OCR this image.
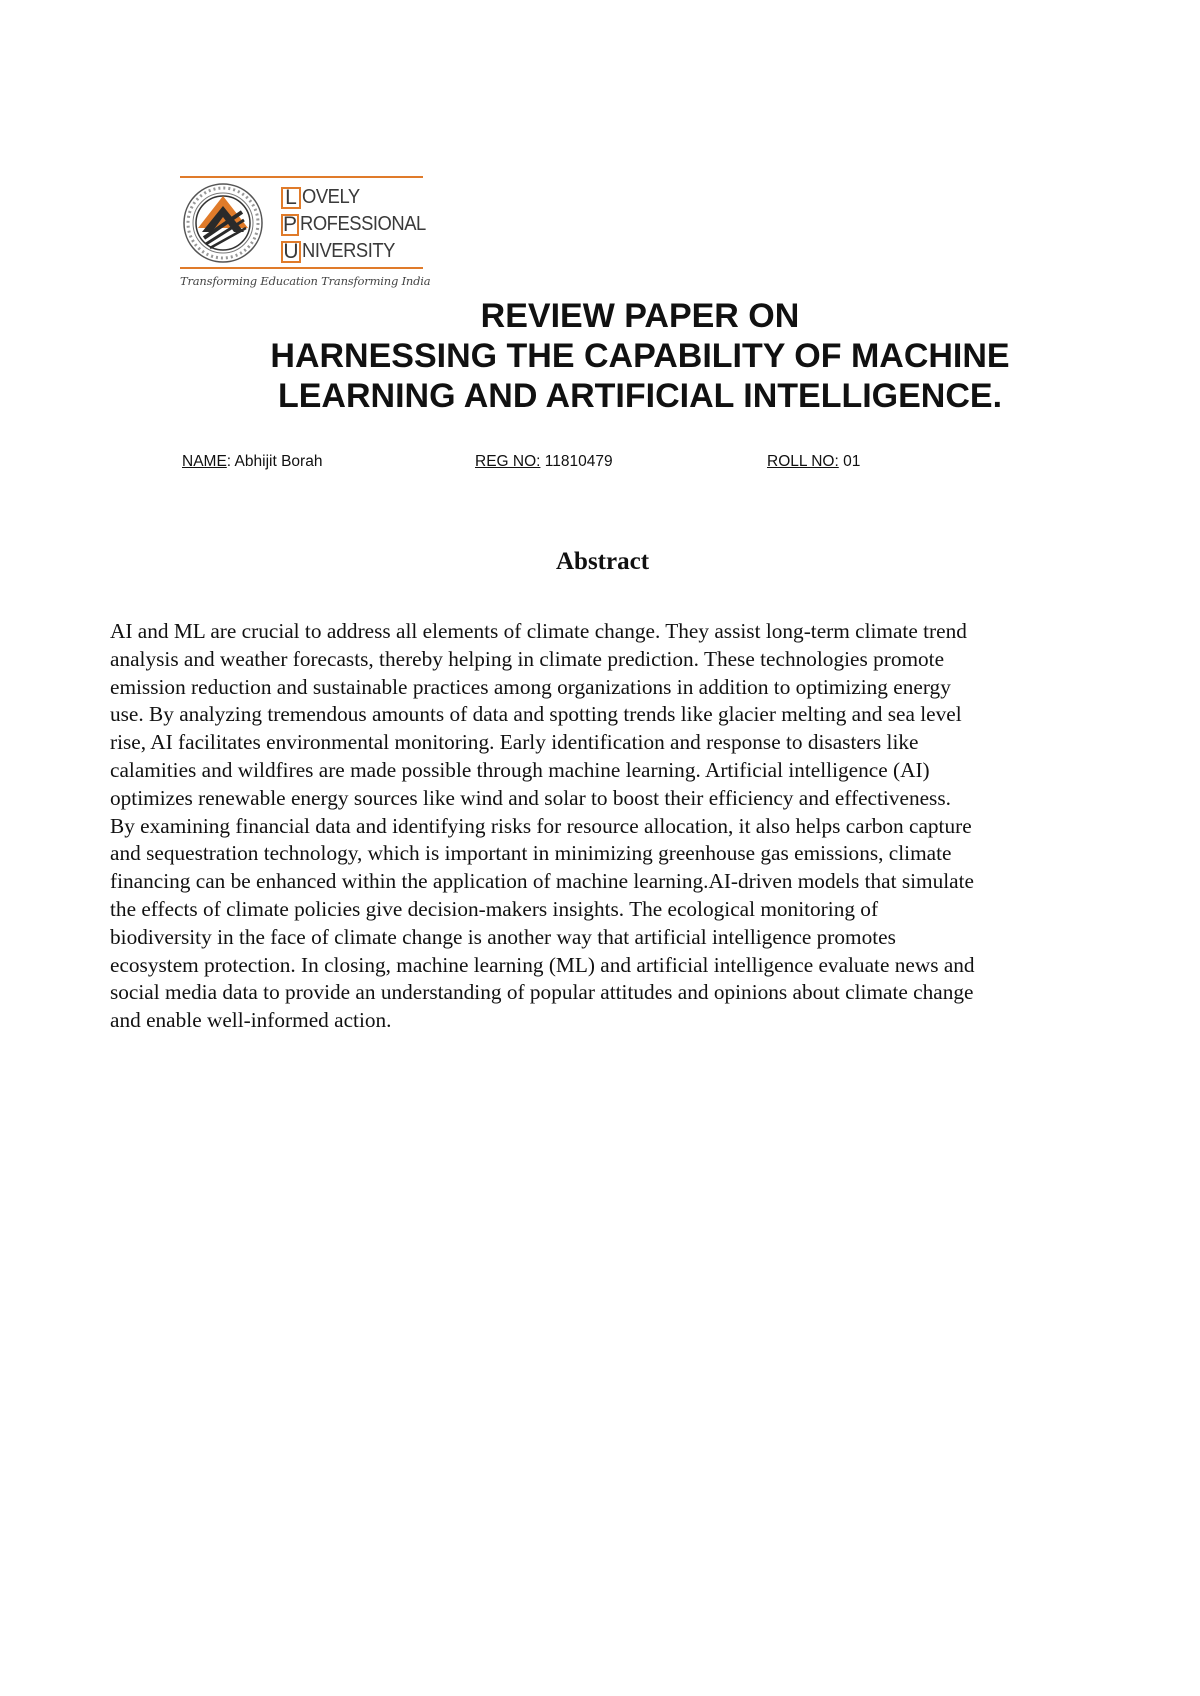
L OVELY
P ROFESSIONAL
U NIVERSITY
Transforming Education Transforming India
REVIEW PAPER ON
HARNESSING THE CAPABILITY OF MACHINE
LEARNING AND ARTIFICIAL INTELLIGENCE.
NAME: Abhijit Borah	REG NO: 11810479	ROLL NO: 01
Abstract
AI and ML are crucial to address all elements of climate change. They assist long-term climate trend
analysis and weather forecasts, thereby helping in climate prediction. These technologies promote
emission reduction and sustainable practices among organizations in addition to optimizing energy
use. By analyzing tremendous amounts of data and spotting trends like glacier melting and sea level
rise, AI facilitates environmental monitoring. Early identification and response to disasters like
calamities and wildfires are made possible through machine learning. Artificial intelligence (AI)
optimizes renewable energy sources like wind and solar to boost their efficiency and effectiveness.
By examining financial data and identifying risks for resource allocation, it also helps carbon capture
and sequestration technology, which is important in minimizing greenhouse gas emissions, climate
financing can be enhanced within the application of machine learning.AI-driven models that simulate
the effects of climate policies give decision-makers insights. The ecological monitoring of
biodiversity in the face of climate change is another way that artificial intelligence promotes
ecosystem protection. In closing, machine learning (ML) and artificial intelligence evaluate news and
social media data to provide an understanding of popular attitudes and opinions about climate change
and enable well-informed action.
